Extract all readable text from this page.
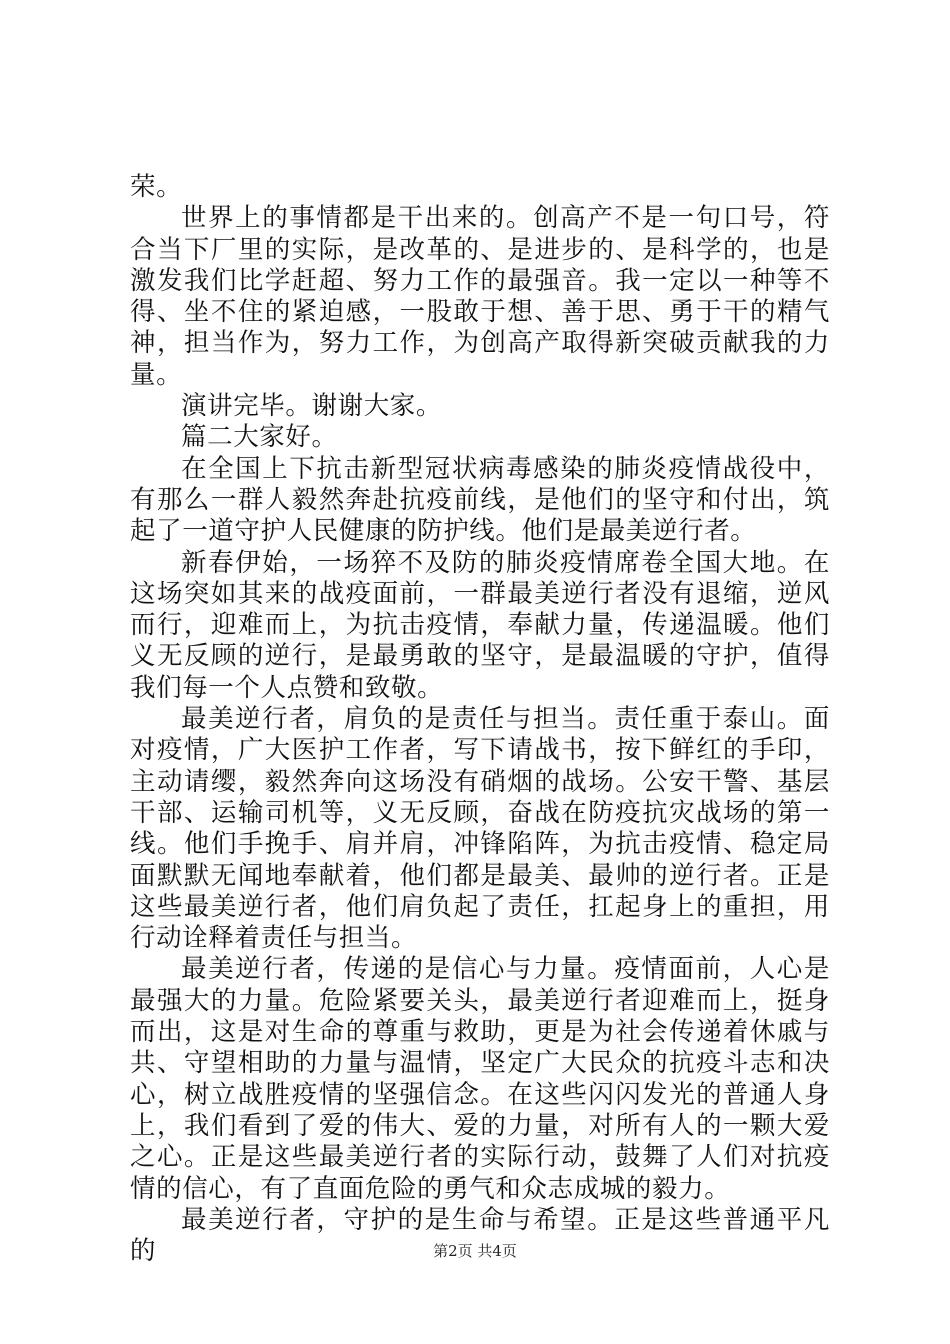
荣。

世界上的事情都是干出来的。创高产不是一句口号，符合当下厂里的实际，是改革的、是进步的、是科学的，也是激发我们比学赶超、努力工作的最强音。我一定以一种等不得、坐不住的紧迫感，一股敢于想、善于思、勇于干的精气神，担当作为，努力工作，为创高产取得新突破贡献我的力量。

演讲完毕。谢谢大家。

篇二大家好。

在全国上下抗击新型冠状病毒感染的肺炎疫情战役中，有那么一群人毅然奔赴抗疫前线，是他们的坚守和付出，筑起了一道守护人民健康的防护线。他们是最美逆行者。

新春伊始，一场猝不及防的肺炎疫情席卷全国大地。在这场突如其来的战疫面前，一群最美逆行者没有退缩，逆风而行，迎难而上，为抗击疫情，奉献力量，传递温暖。他们义无反顾的逆行，是最勇敢的坚守，是最温暖的守护，值得我们每一个人点赞和致敬。

最美逆行者，肩负的是责任与担当。责任重于泰山。面对疫情，广大医护工作者，写下请战书，按下鲜红的手印，主动请缨，毅然奔向这场没有硝烟的战场。公安干警、基层干部、运输司机等，义无反顾，奋战在防疫抗灾战场的第一线。他们手挽手、肩并肩，冲锋陷阵，为抗击疫情、稳定局面默默无闻地奉献着，他们都是最美、最帅的逆行者。正是这些最美逆行者，他们肩负起了责任，扛起身上的重担，用行动诠释着责任与担当。

最美逆行者，传递的是信心与力量。疫情面前，人心是最强大的力量。危险紧要关头，最美逆行者迎难而上，挺身而出，这是对生命的尊重与救助，更是为社会传递着休戚与共、守望相助的力量与温情，坚定广大民众的抗疫斗志和决心，树立战胜疫情的坚强信念。在这些闪闪发光的普通人身上，我们看到了爱的伟大、爱的力量，对所有人的一颗大爱之心。正是这些最美逆行者的实际行动，鼓舞了人们对抗疫情的信心，有了直面危险的勇气和众志成城的毅力。

最美逆行者，守护的是生命与希望。正是这些普通平凡的	第2页 共4页
